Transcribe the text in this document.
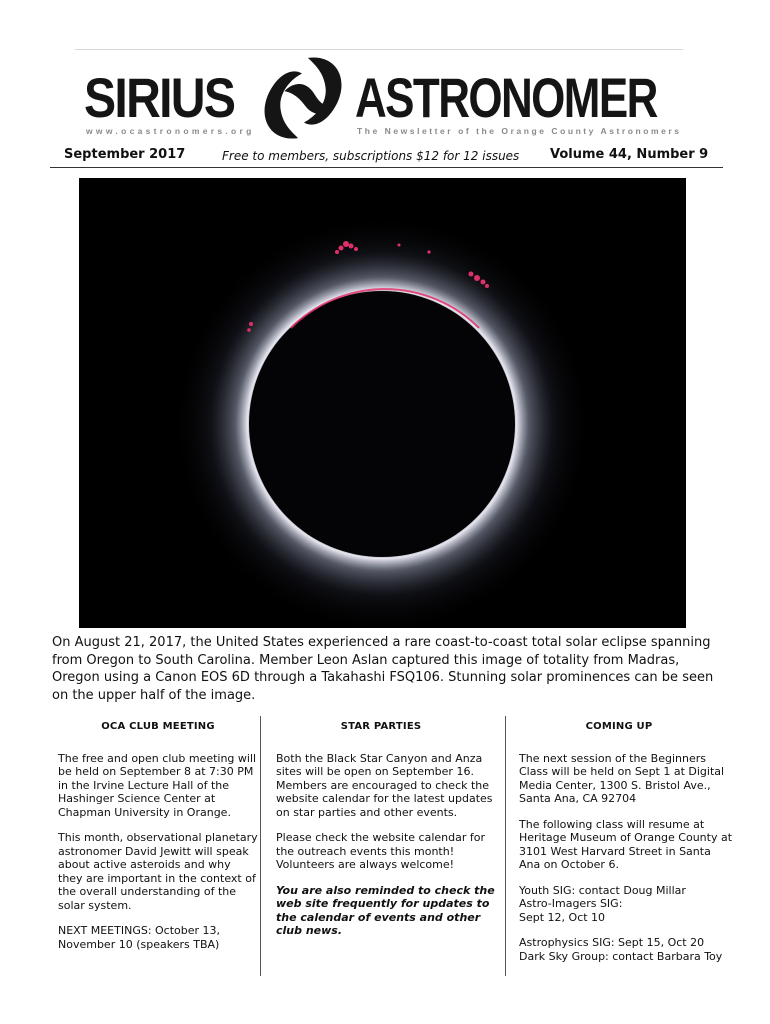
SIRIUS ASTRONOMER
www.ocastronomers.org	The Newsletter of the Orange County Astronomers
September 2017	Free to members, subscriptions $12 for 12 issues Volume 44, Number 9
On August 21, 2017, the United States experienced a rare coast-to-coast total solar eclipse spanning from Oregon to South Carolina. Member Leon Aslan captured this image of totality from Madras, Oregon using a Canon EOS 6D through a Takahashi FSQ106. Stunning solar prominences can be seen on the upper half of the image.
OCA CLUB MEETING

The free and open club meeting will be held on September 8 at 7:30 PM in the Irvine Lecture Hall of the Hashinger Science Center at Chapman University in Orange.

This month, observational planetary astronomer David Jewitt will speak about active asteroids and why they are important in the context of the overall understanding of the solar system.

NEXT MEETINGS: October 13, November 10 (speakers TBA)

STAR PARTIES

Both the Black Star Canyon and Anza sites will be open on September 16. Members are encouraged to check the website calendar for the latest updates on star parties and other events.

Please check the website calendar for the outreach events this month! Volunteers are always welcome!

You are also reminded to check the web site frequently for updates to the calendar of events and other club news.

COMING UP

The next session of the Beginners Class will be held on Sept 1 at Digital Media Center, 1300 S. Bristol Ave., Santa Ana, CA 92704

The following class will resume at Heritage Museum of Orange County at 3101 West Harvard Street in Santa Ana on October 6.

Youth SIG: contact Doug Millar
Astro-Imagers SIG:
Sept 12, Oct 10

Astrophysics SIG: Sept 15, Oct 20
Dark Sky Group: contact Barbara Toy
